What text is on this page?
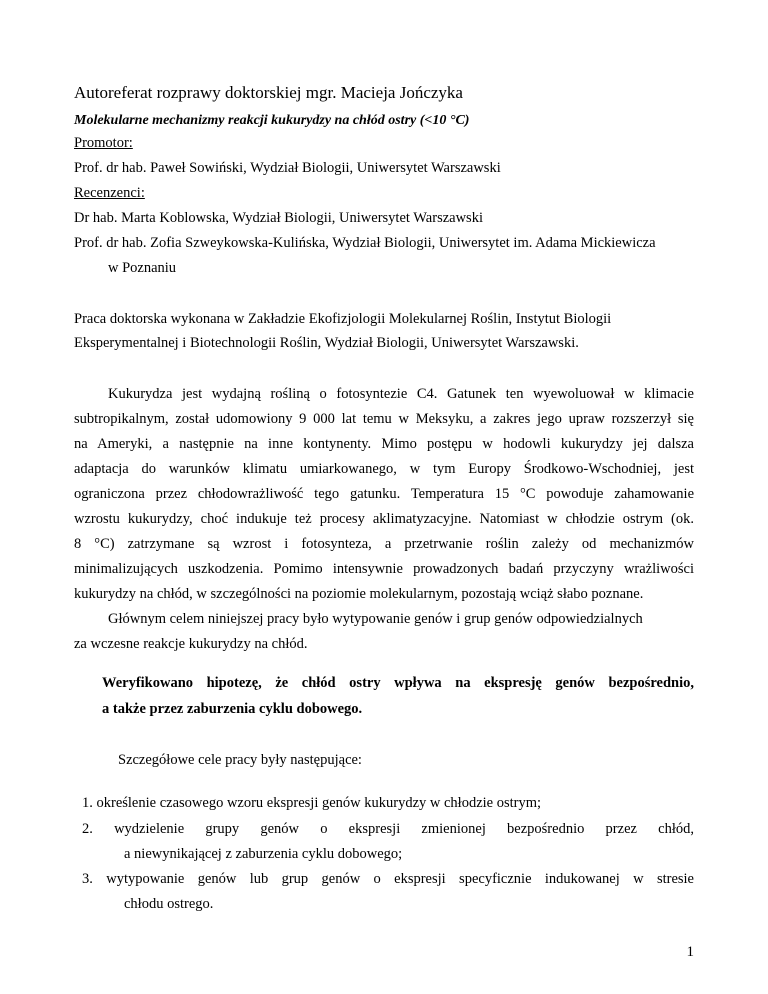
Autoreferat rozprawy doktorskiej mgr. Macieja Jończyka
Molekularne mechanizmy reakcji kukurydzy na chłód ostry (<10 °C)
Promotor:
Prof. dr hab. Paweł Sowiński, Wydział Biologii, Uniwersytet Warszawski
Recenzenci:
Dr hab. Marta Koblowska, Wydział Biologii, Uniwersytet Warszawski
Prof. dr hab. Zofia Szweykowska-Kulińska, Wydział Biologii, Uniwersytet im. Adama Mickiewicza
w Poznaniu
Praca doktorska wykonana w Zakładzie Ekofizjologii Molekularnej Roślin, Instytut Biologii
Eksperymentalnej i Biotechnologii Roślin, Wydział Biologii, Uniwersytet Warszawski.
Kukurydza jest wydajną rośliną o fotosyntezie C4. Gatunek ten wyewoluował w klimacie
subtropikalnym, został udomowiony 9 000 lat temu w Meksyku, a zakres jego upraw rozszerzył się
na Ameryki, a następnie na inne kontynenty. Mimo postępu w hodowli kukurydzy jej dalsza
adaptacja do warunków klimatu umiarkowanego, w tym Europy Środkowo-Wschodniej, jest
ograniczona przez chłodowrażliwość tego gatunku. Temperatura 15 °C powoduje zahamowanie
wzrostu kukurydzy, choć indukuje też procesy aklimatyzacyjne. Natomiast w chłodzie ostrym (ok.
8 °C) zatrzymane są wzrost i fotosynteza, a przetrwanie roślin zależy od mechanizmów
minimalizujących uszkodzenia. Pomimo intensywnie prowadzonych badań przyczyny wrażliwości
kukurydzy na chłód, w szczególności na poziomie molekularnym, pozostają wciąż słabo poznane.
Głównym celem niniejszej pracy było wytypowanie genów i grup genów odpowiedzialnych
za wczesne reakcje kukurydzy na chłód.
Weryfikowano hipotezę, że chłód ostry wpływa na ekspresję genów bezpośrednio,
a także przez zaburzenia cyklu dobowego.
Szczegółowe cele pracy były następujące:
1. określenie czasowego wzoru ekspresji genów kukurydzy w chłodzie ostrym;
2. wydzielenie grupy genów o ekspresji zmienionej bezpośrednio przez chłód,
a niewynikającej z zaburzenia cyklu dobowego;
3. wytypowanie genów lub grup genów o ekspresji specyficznie indukowanej w stresie
chłodu ostrego.
1
